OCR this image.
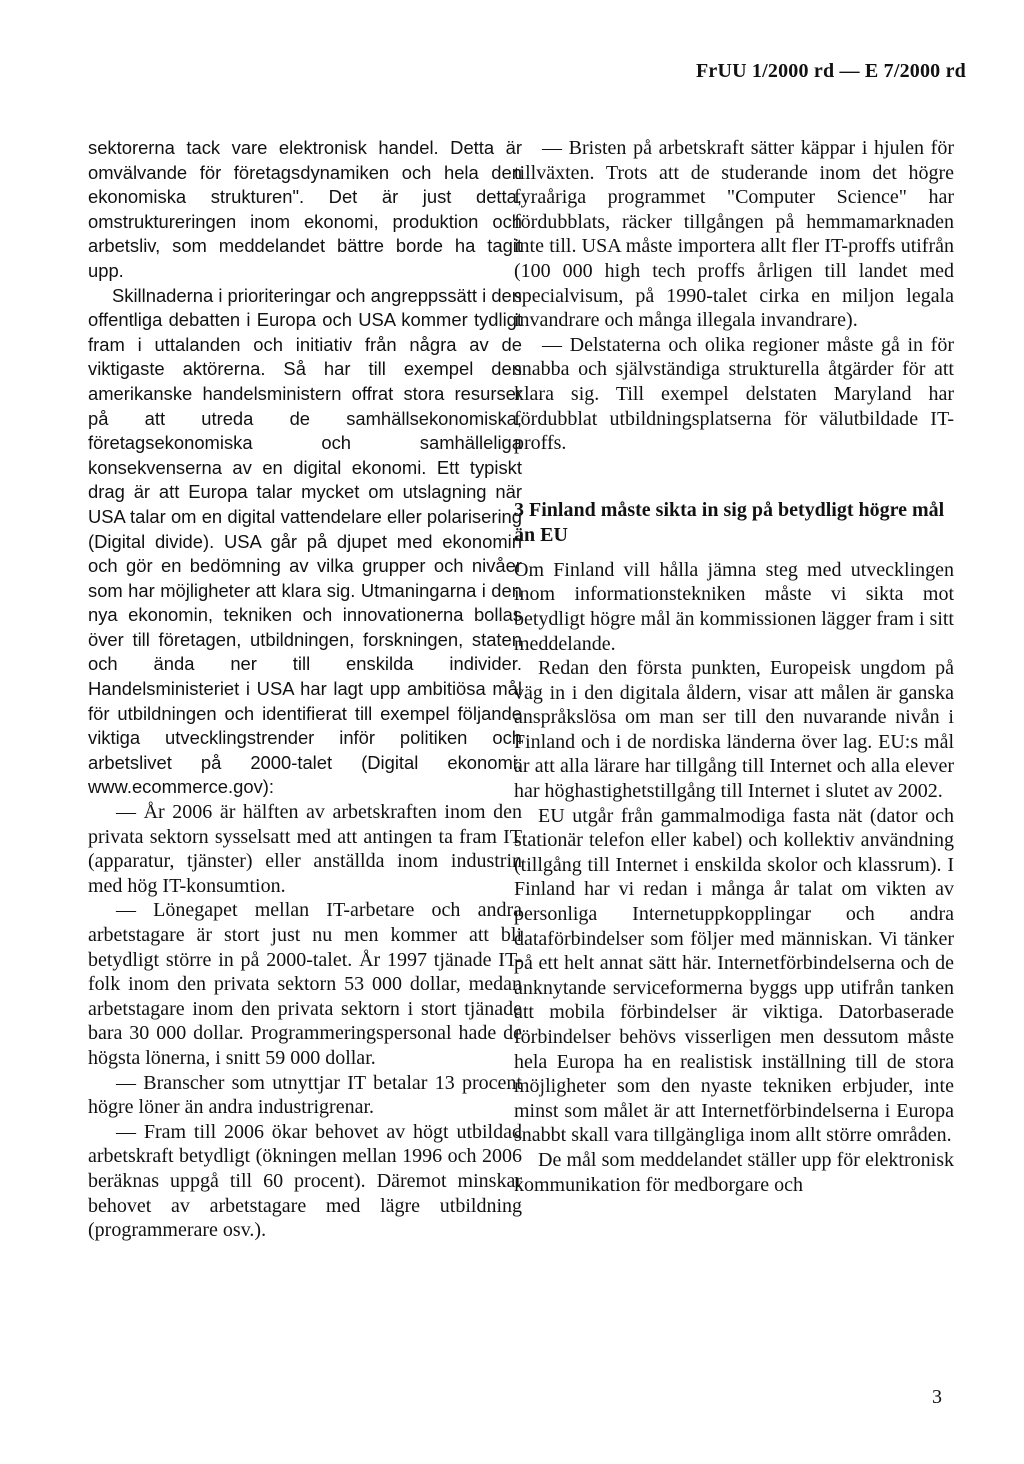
FrUU 1/2000 rd — E 7/2000 rd

sektorerna tack vare elektronisk handel. Detta är omvälvande för företagsdynamiken och hela den ekonomiska strukturen". Det är just detta, omstruktureringen inom ekonomi, produktion och arbetsliv, som meddelandet bättre borde ha tagit upp.

Skillnaderna i prioriteringar och angreppssätt i den offentliga debatten i Europa och USA kommer tydligt fram i uttalanden och initiativ från några av de viktigaste aktörerna. Så har till exempel den amerikanske handelsministern offrat stora resurser på att utreda de samhällsekonomiska, företagsekonomiska och samhälleliga konsekvenserna av en digital ekonomi. Ett typiskt drag är att Europa talar mycket om utslagning när USA talar om en digital vattendelare eller polarisering (Digital divide). USA går på djupet med ekonomin och gör en bedömning av vilka grupper och nivåer som har möjligheter att klara sig. Utmaningarna i den nya ekonomin, tekniken och innovationerna bollas över till företagen, utbildningen, forskningen, staten och ända ner till enskilda individer. Handelsministeriet i USA har lagt upp ambitiösa mål för utbildningen och identifierat till exempel följande viktiga utvecklingstrender inför politiken och arbetslivet på 2000-talet (Digital ekonomi, www.ecommerce.gov):

— År 2006 är hälften av arbetskraften inom den privata sektorn sysselsatt med att antingen ta fram IT (apparatur, tjänster) eller anställda inom industrin med hög IT-konsumtion.

— Lönegapet mellan IT-arbetare och andra arbetstagare är stort just nu men kommer att bli betydligt större in på 2000-talet. År 1997 tjänade IT-folk inom den privata sektorn 53 000 dollar, medan arbetstagare inom den privata sektorn i stort tjänade bara 30 000 dollar. Programmeringspersonal hade de högsta lönerna, i snitt 59 000 dollar.

— Branscher som utnyttjar IT betalar 13 procent högre löner än andra industrigrenar.

— Fram till 2006 ökar behovet av högt utbildad arbetskraft betydligt (ökningen mellan 1996 och 2006 beräknas uppgå till 60 procent). Däremot minskar behovet av arbetstagare med lägre utbildning (programmerare osv.).

— Bristen på arbetskraft sätter käppar i hjulen för tillväxten. Trots att de studerande inom det högre fyraåriga programmet "Computer Science" har fördubblats, räcker tillgången på hemmamarknaden inte till. USA måste importera allt fler IT-proffs utifrån (100 000 high tech proffs årligen till landet med specialvisum, på 1990-talet cirka en miljon legala invandrare och många illegala invandrare).

— Delstaterna och olika regioner måste gå in för snabba och självständiga strukturella åtgärder för att klara sig. Till exempel delstaten Maryland har fördubblat utbildningsplatserna för välutbildade IT-proffs.

3 Finland måste sikta in sig på betydligt högre mål än EU

Om Finland vill hålla jämna steg med utvecklingen inom informationstekniken måste vi sikta mot betydligt högre mål än kommissionen lägger fram i sitt meddelande.

Redan den första punkten, Europeisk ungdom på väg in i den digitala åldern, visar att målen är ganska anspråkslösa om man ser till den nuvarande nivån i Finland och i de nordiska länderna över lag. EU:s mål är att alla lärare har tillgång till Internet och alla elever har höghastighetstillgång till Internet i slutet av 2002.

EU utgår från gammalmodiga fasta nät (dator och stationär telefon eller kabel) och kollektiv användning (tillgång till Internet i enskilda skolor och klassrum). I Finland har vi redan i många år talat om vikten av personliga Internetuppkopplingar och andra dataförbindelser som följer med människan. Vi tänker på ett helt annat sätt här. Internetförbindelserna och de anknytande serviceformerna byggs upp utifrån tanken att mobila förbindelser är viktiga. Datorbaserade förbindelser behövs visserligen men dessutom måste hela Europa ha en realistisk inställning till de stora möjligheter som den nyaste tekniken erbjuder, inte minst som målet är att Internetförbindelserna i Europa snabbt skall vara tillgängliga inom allt större områden.

De mål som meddelandet ställer upp för elektronisk kommunikation för medborgare och

3
